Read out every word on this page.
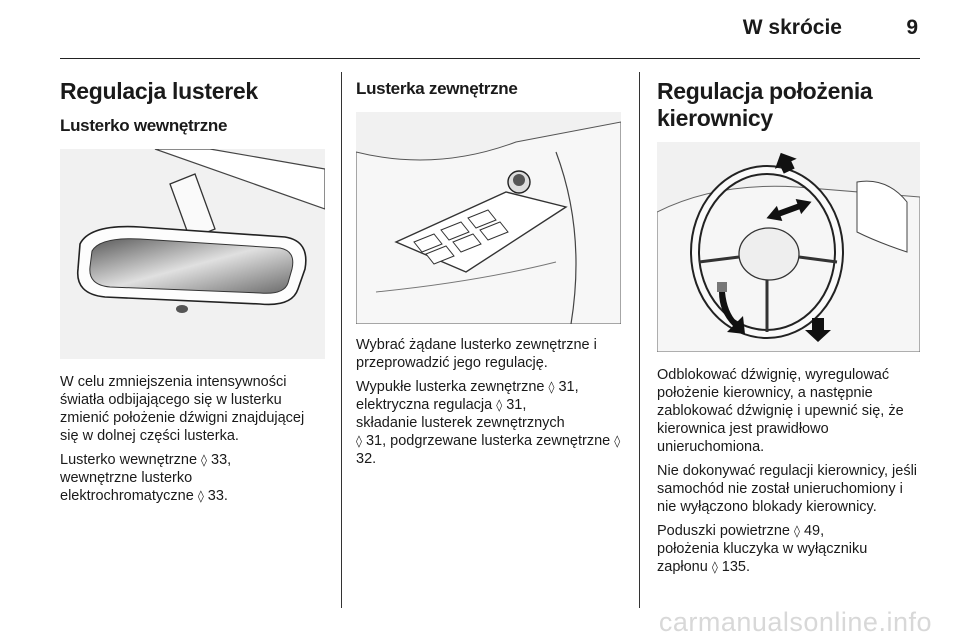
W skrócie	9
Regulacja lusterek
Lusterko wewnętrzne

W celu zmniejszenia intensywności światła odbijającego się w lusterku zmienić położenie dźwigni znajdującej się w dolnej części lusterka.

Lusterko wewnętrzne ◊ 33,
wewnętrzne lusterko elektrochromatyczne ◊ 33.

Lusterka zewnętrzne

Wybrać żądane lusterko zewnętrzne i przeprowadzić jego regulację.

Wypukłe lusterka zewnętrzne ◊ 31,
elektryczna regulacja ◊ 31,
składanie lusterek zewnętrznych
◊ 31, podgrzewane lusterka zewnętrzne ◊ 32.

Regulacja położenia kierownicy

Odblokować dźwignię, wyregulować położenie kierownicy, a następnie zablokować dźwignię i upewnić się, że kierownica jest prawidłowo unieruchomiona.

Nie dokonywać regulacji kierownicy, jeśli samochód nie został unieruchomiony i nie wyłączono blokady kierownicy.

Poduszki powietrzne ◊ 49,
położenia kluczyka w wyłączniku zapłonu ◊ 135.

carmanualsonline.info
